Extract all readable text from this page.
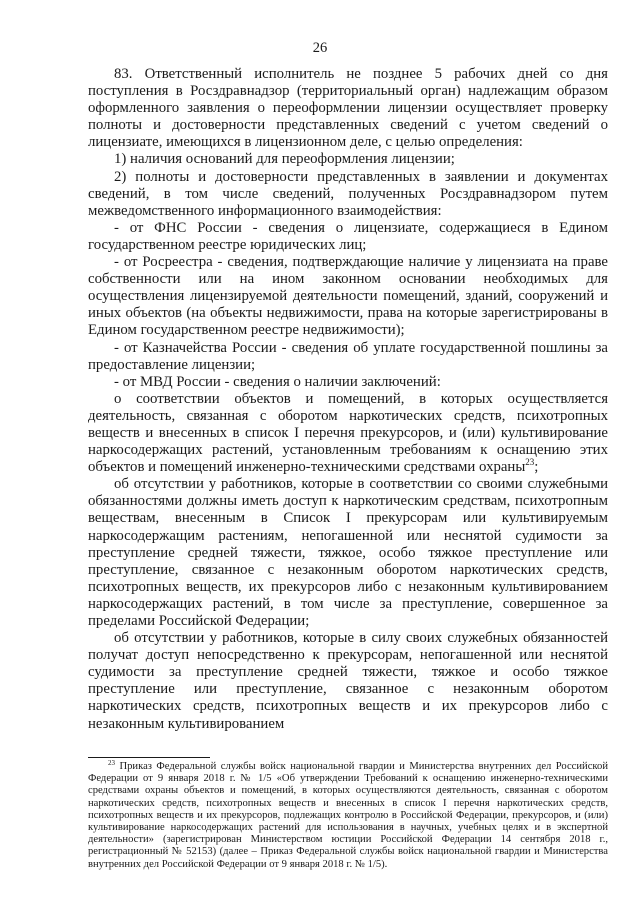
26

83. Ответственный исполнитель не позднее 5 рабочих дней со дня поступления в Росздравнадзор (территориальный орган) надлежащим образом оформленного заявления о переоформлении лицензии осуществляет проверку полноты и достоверности представленных сведений с учетом сведений о лицензиате, имеющихся в лицензионном деле, с целью определения:

1) наличия оснований для переоформления лицензии;

2) полноты и достоверности представленных в заявлении и документах сведений, в том числе сведений, полученных Росздравнадзором путем межведомственного информационного взаимодействия:

- от ФНС России - сведения о лицензиате, содержащиеся в Едином государственном реестре юридических лиц;

- от Росреестра - сведения, подтверждающие наличие у лицензиата на праве собственности или на ином законном основании необходимых для осуществления лицензируемой деятельности помещений, зданий, сооружений и иных объектов (на объекты недвижимости, права на которые зарегистрированы в Едином государственном реестре недвижимости);

- от Казначейства России - сведения об уплате государственной пошлины за предоставление лицензии;

- от МВД России - сведения о наличии заключений:

о соответствии объектов и помещений, в которых осуществляется деятельность, связанная с оборотом наркотических средств, психотропных веществ и внесенных в список I перечня прекурсоров, и (или) культивирование наркосодержащих растений, установленным требованиям к оснащению этих объектов и помещений инженерно-техническими средствами охраны$^{23}$;

об отсутствии у работников, которые в соответствии со своими служебными обязанностями должны иметь доступ к наркотическим средствам, психотропным веществам, внесенным в Список I прекурсорам или культивируемым наркосодержащим растениям, непогашенной или неснятой судимости за преступление средней тяжести, тяжкое, особо тяжкое преступление или преступление, связанное с незаконным оборотом наркотических средств, психотропных веществ, их прекурсоров либо с незаконным культивированием наркосодержащих растений, в том числе за преступление, совершенное за пределами Российской Федерации;

об отсутствии у работников, которые в силу своих служебных обязанностей получат доступ непосредственно к прекурсорам, непогашенной или неснятой судимости за преступление средней тяжести, тяжкое и особо тяжкое преступление или преступление, связанное с незаконным оборотом наркотических средств, психотропных веществ и их прекурсоров либо с незаконным культивированием

$^{23}$ Приказ Федеральной службы войск национальной гвардии и Министерства внутренних дел Российской Федерации от 9 января 2018 г. № 1/5 «Об утверждении Требований к оснащению инженерно-техническими средствами охраны объектов и помещений, в которых осуществляются деятельность, связанная с оборотом наркотических средств, психотропных веществ и внесенных в список I перечня наркотических средств, психотропных веществ и их прекурсоров, подлежащих контролю в Российской Федерации, прекурсоров, и (или) культивирование наркосодержащих растений для использования в научных, учебных целях и в экспертной деятельности» (зарегистрирован Министерством юстиции Российской Федерации 14 сентября 2018 г., регистрационный № 52153) (далее – Приказ Федеральной службы войск национальной гвардии и Министерства внутренних дел Российской Федерации от 9 января 2018 г. № 1/5).
